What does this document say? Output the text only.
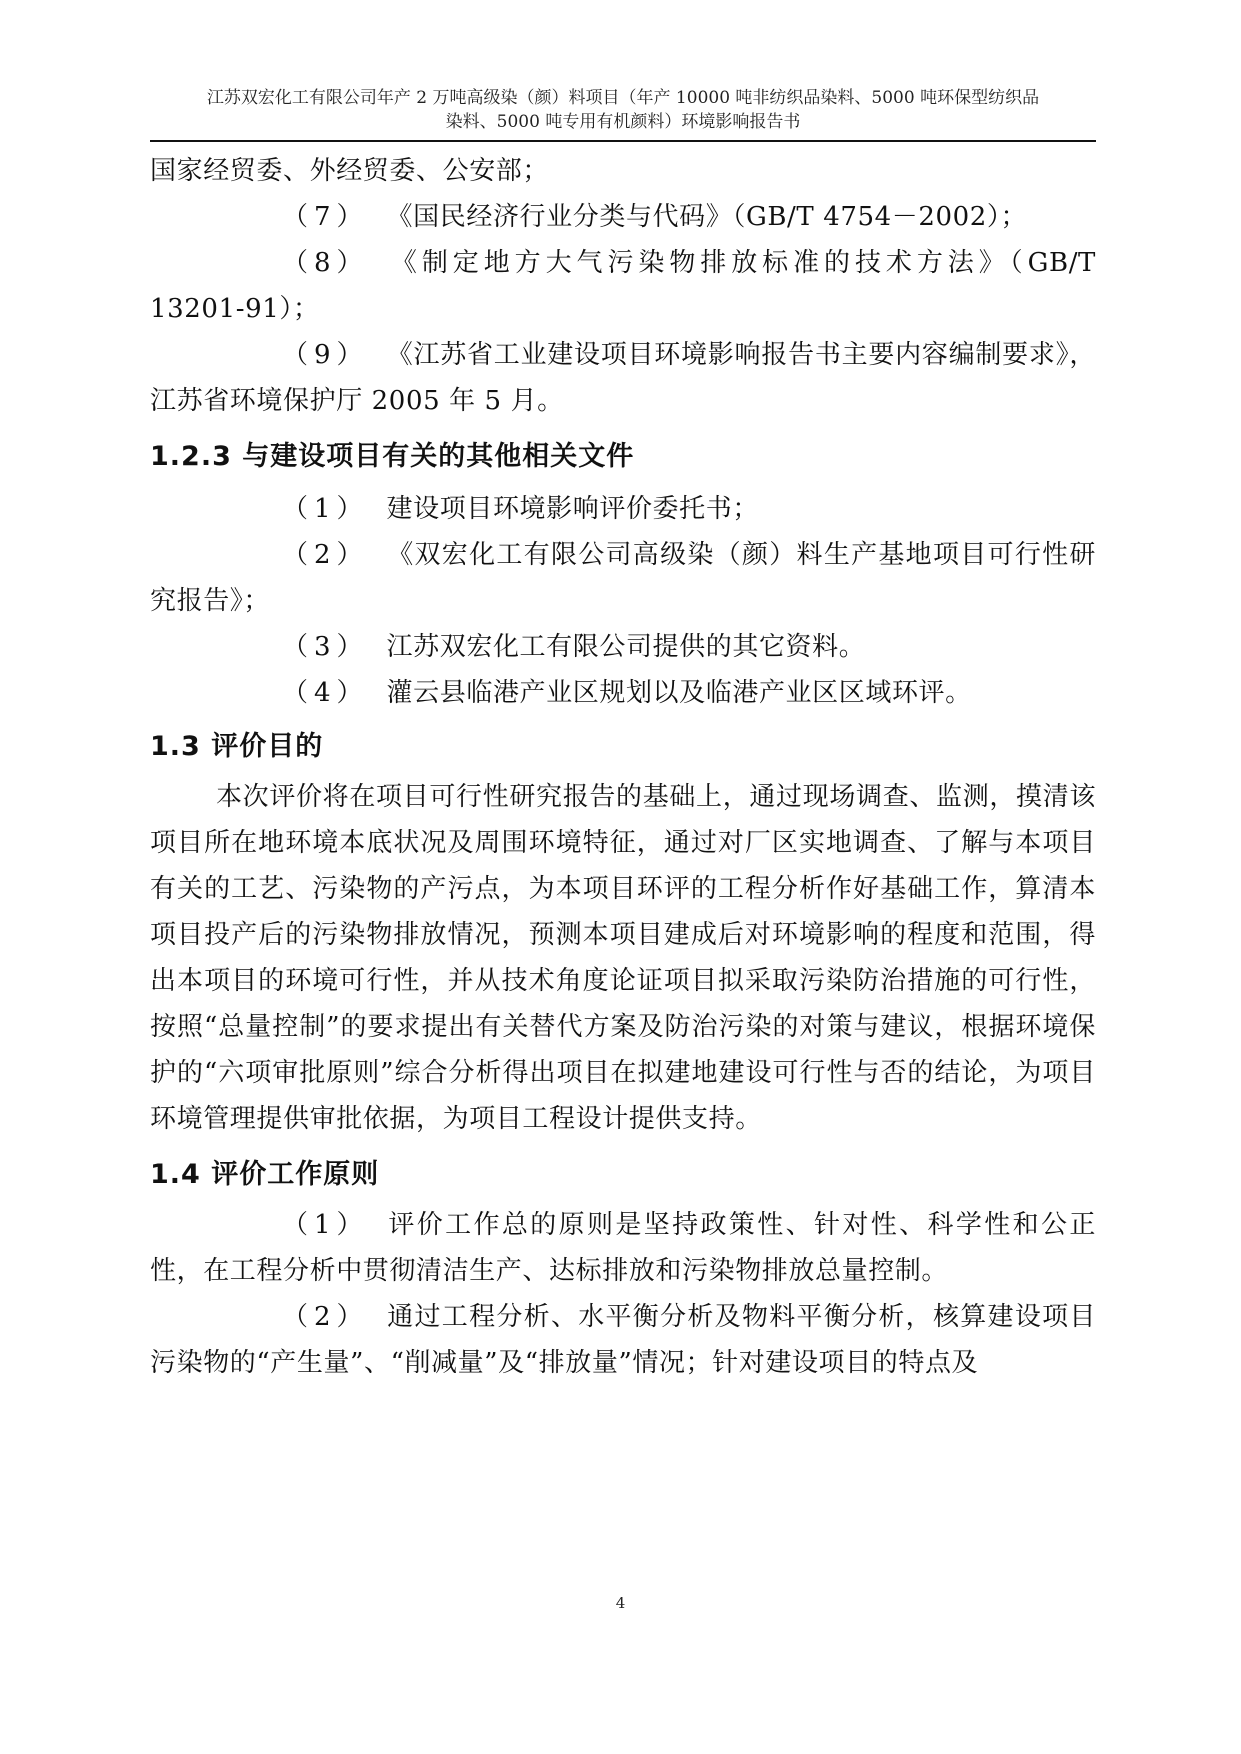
江苏双宏化工有限公司年产 2 万吨高级染（颜）料项目（年产 10000 吨非纺织品染料、5000 吨环保型纺织品
染料、5000 吨专用有机颜料）环境影响报告书

国家经贸委、外经贸委、公安部；

（7） 《国民经济行业分类与代码》（GB/T 4754－2002）；

（8） 《制定地方大气污染物排放标准的技术方法》（GB/T 13201-91）；

（9） 《江苏省工业建设项目环境影响报告书主要内容编制要求》，江苏省环境保护厅 2005 年 5 月。

1.2.3 与建设项目有关的其他相关文件

（1） 建设项目环境影响评价委托书；

（2） 《双宏化工有限公司高级染（颜）料生产基地项目可行性研究报告》；

（3） 江苏双宏化工有限公司提供的其它资料。

（4） 灌云县临港产业区规划以及临港产业区区域环评。

1.3 评价目的

本次评价将在项目可行性研究报告的基础上，通过现场调查、监测，摸清该项目所在地环境本底状况及周围环境特征，通过对厂区实地调查、了解与本项目有关的工艺、污染物的产污点，为本项目环评的工程分析作好基础工作，算清本项目投产后的污染物排放情况，预测本项目建成后对环境影响的程度和范围，得出本项目的环境可行性，并从技术角度论证项目拟采取污染防治措施的可行性，按照“总量控制”的要求提出有关替代方案及防治污染的对策与建议，根据环境保护的“六项审批原则”综合分析得出项目在拟建地建设可行性与否的结论，为项目环境管理提供审批依据，为项目工程设计提供支持。

1.4 评价工作原则

（1） 评价工作总的原则是坚持政策性、针对性、科学性和公正性，在工程分析中贯彻清洁生产、达标排放和污染物排放总量控制。

（2） 通过工程分析、水平衡分析及物料平衡分析，核算建设项目污染物的“产生量”、“削减量”及“排放量”情况；针对建设项目的特点及

4
